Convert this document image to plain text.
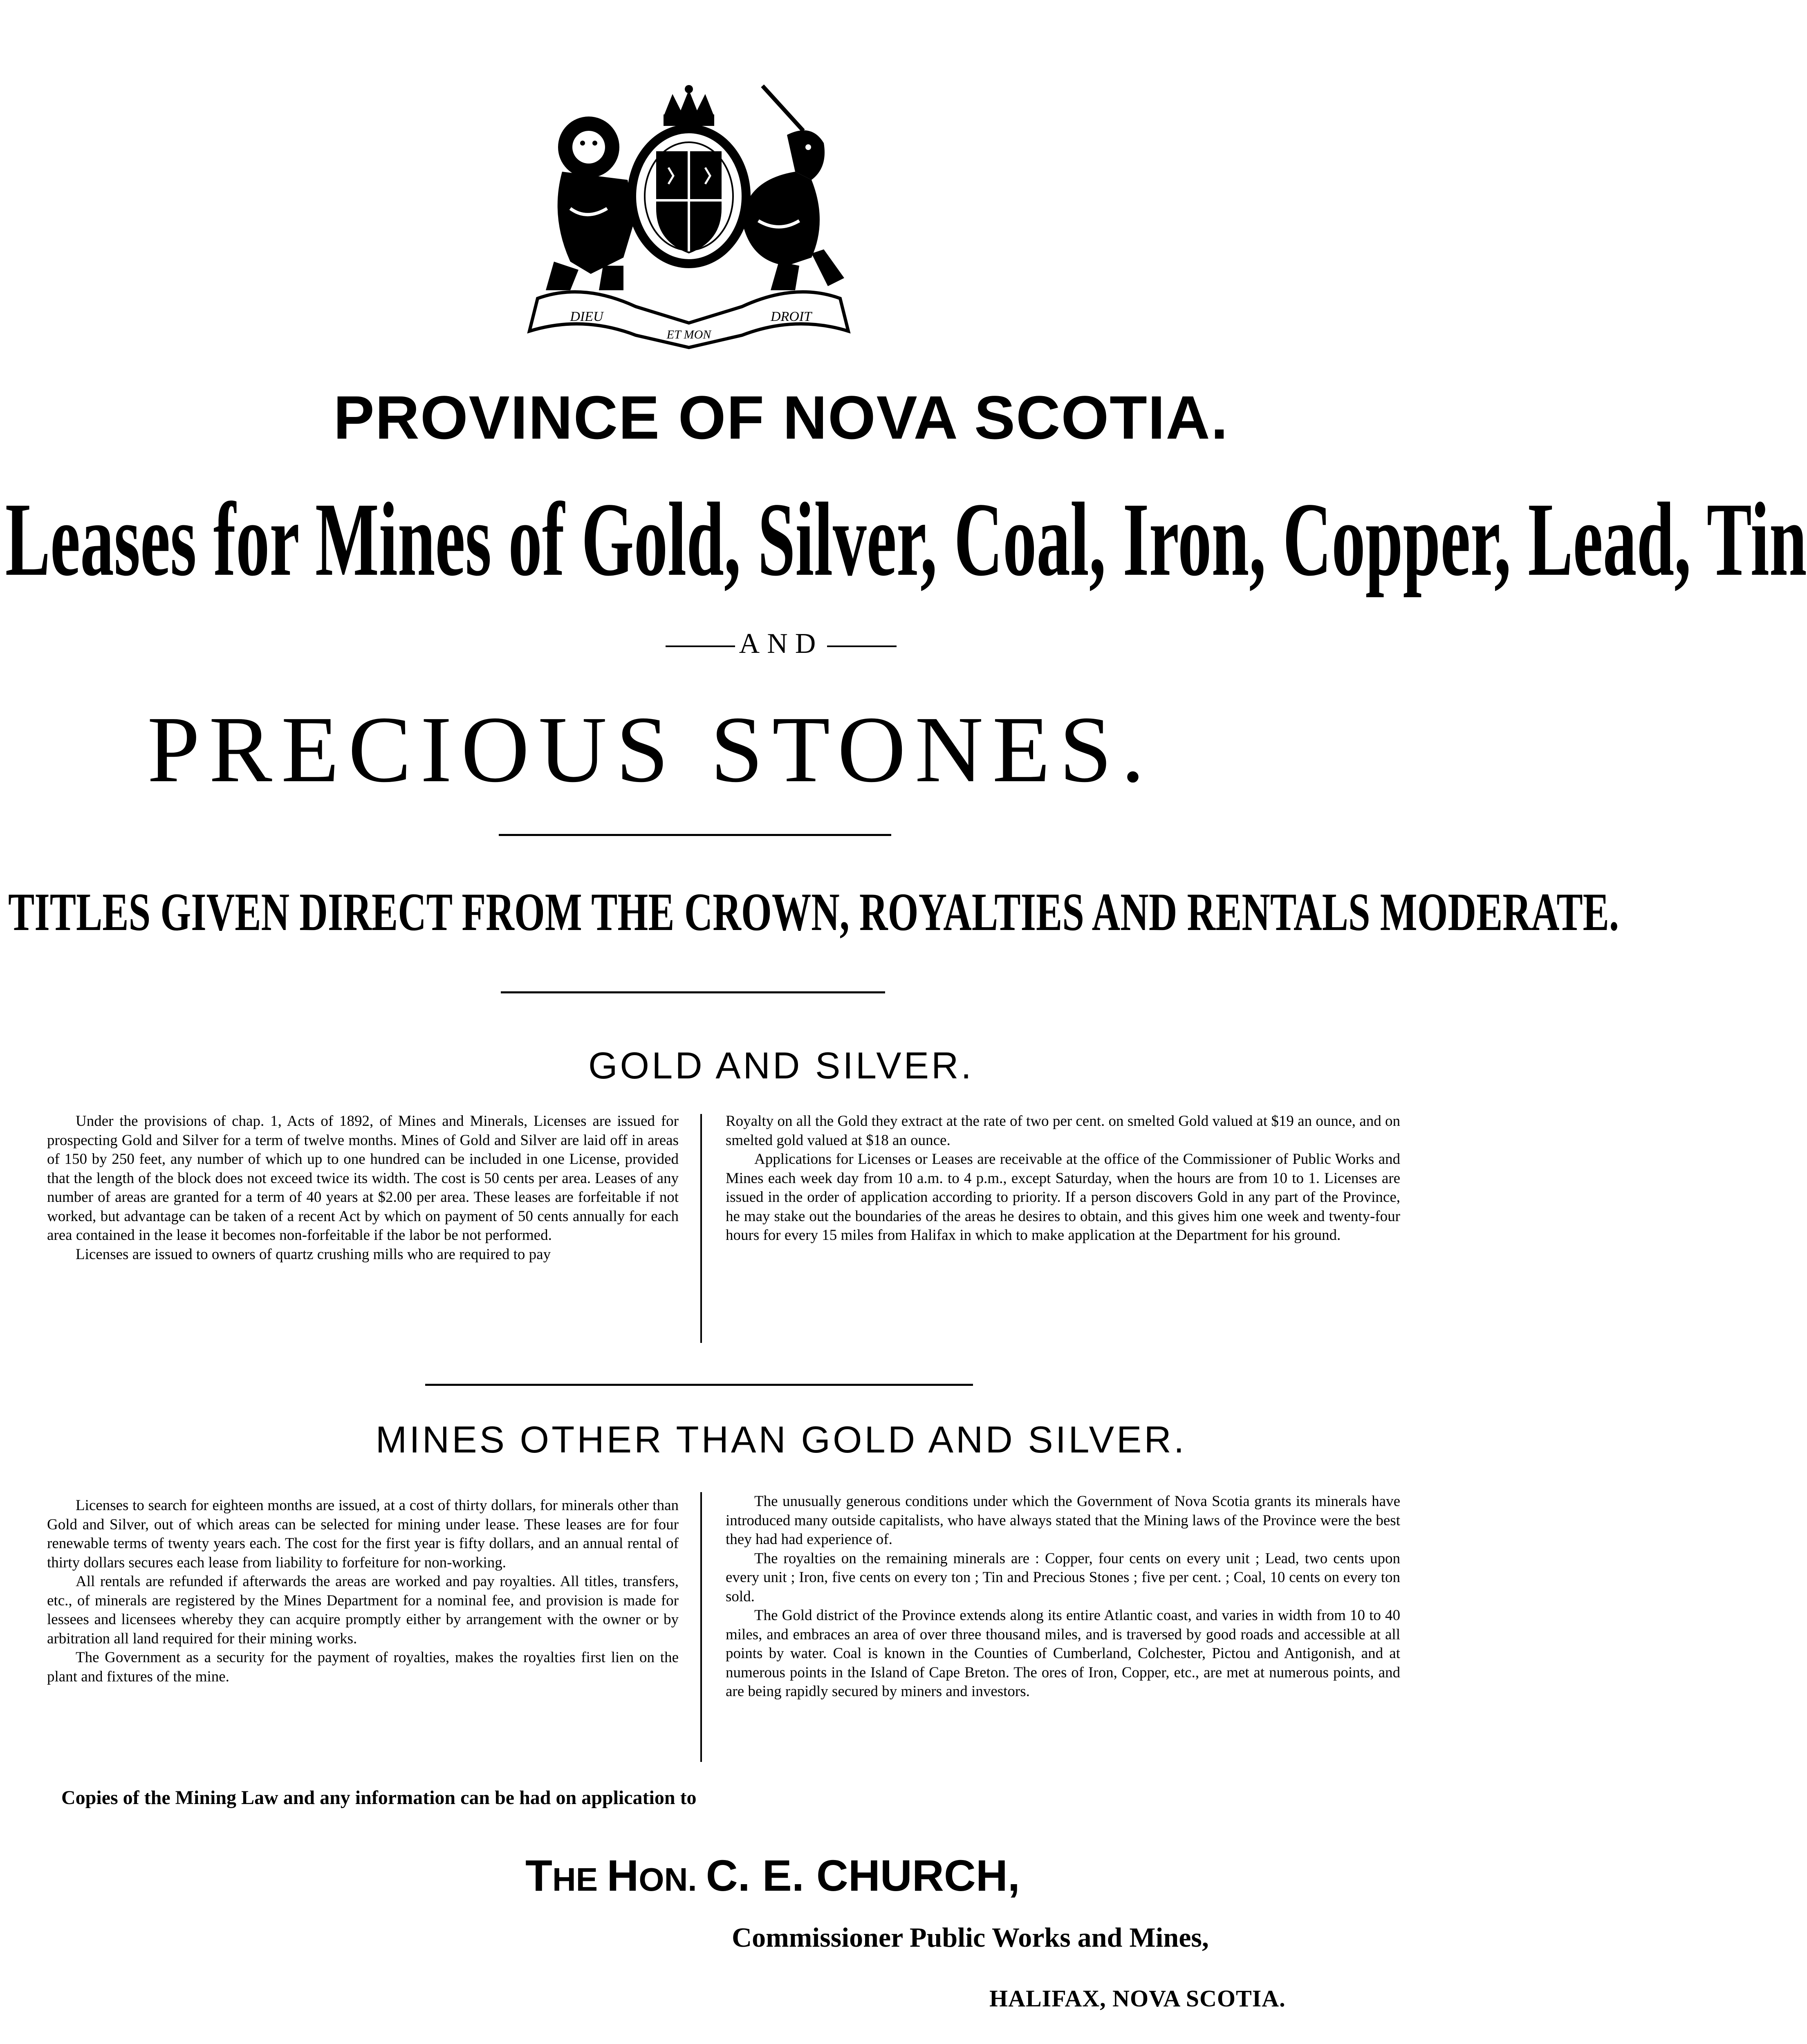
DIEU
ET MON
DROIT
PROVINCE OF NOVA SCOTIA.
Leases for Mines of Gold, Silver, Coal, Iron, Copper, Lead, Tin
AND
PRECIOUS STONES.
TITLES GIVEN DIRECT FROM THE CROWN, ROYALTIES AND RENTALS MODERATE.
GOLD AND SILVER.

Under the provisions of chap. 1, Acts of 1892, of Mines and Minerals, Licenses are issued for prospecting Gold and Silver for a term of twelve months. Mines of Gold and Silver are laid off in areas of 150 by 250 feet, any number of which up to one hundred can be included in one License, provided that the length of the block does not exceed twice its width. The cost is 50 cents per area. Leases of any number of areas are granted for a term of 40 years at $2.00 per area. These leases are forfeitable if not worked, but advantage can be taken of a recent Act by which on payment of 50 cents annually for each area contained in the lease it becomes non-forfeitable if the labor be not performed.

Licenses are issued to owners of quartz crushing mills who are required to pay

Royalty on all the Gold they extract at the rate of two per cent. on smelted Gold valued at $19 an ounce, and on smelted gold valued at $18 an ounce.

Applications for Licenses or Leases are receivable at the office of the Commissioner of Public Works and Mines each week day from 10 a.m. to 4 p.m., except Saturday, when the hours are from 10 to 1. Licenses are issued in the order of application according to priority. If a person discovers Gold in any part of the Province, he may stake out the boundaries of the areas he desires to obtain, and this gives him one week and twenty-four hours for every 15 miles from Halifax in which to make application at the Department for his ground.

MINES OTHER THAN GOLD AND SILVER.

Licenses to search for eighteen months are issued, at a cost of thirty dollars, for minerals other than Gold and Silver, out of which areas can be selected for mining under lease. These leases are for four renewable terms of twenty years each. The cost for the first year is fifty dollars, and an annual rental of thirty dollars secures each lease from liability to forfeiture for non-working.

All rentals are refunded if afterwards the areas are worked and pay royalties. All titles, transfers, etc., of minerals are registered by the Mines Department for a nominal fee, and provision is made for lessees and licensees whereby they can acquire promptly either by arrangement with the owner or by arbitration all land required for their mining works.

The Government as a security for the payment of royalties, makes the royalties first lien on the plant and fixtures of the mine.

The unusually generous conditions under which the Government of Nova Scotia grants its minerals have introduced many outside capitalists, who have always stated that the Mining laws of the Province were the best they had had experience of.

The royalties on the remaining minerals are : Copper, four cents on every unit ; Lead, two cents upon every unit ; Iron, five cents on every ton ; Tin and Precious Stones ; five per cent. ; Coal, 10 cents on every ton sold.

The Gold district of the Province extends along its entire Atlantic coast, and varies in width from 10 to 40 miles, and embraces an area of over three thousand miles, and is traversed by good roads and accessible at all points by water. Coal is known in the Counties of Cumberland, Colchester, Pictou and Antigonish, and at numerous points in the Island of Cape Breton. The ores of Iron, Copper, etc., are met at numerous points, and are being rapidly secured by miners and investors.

Copies of the Mining Law and any information can be had on application to
THE HON. C. E. CHURCH,
Commissioner Public Works and Mines,
HALIFAX, NOVA SCOTIA.
